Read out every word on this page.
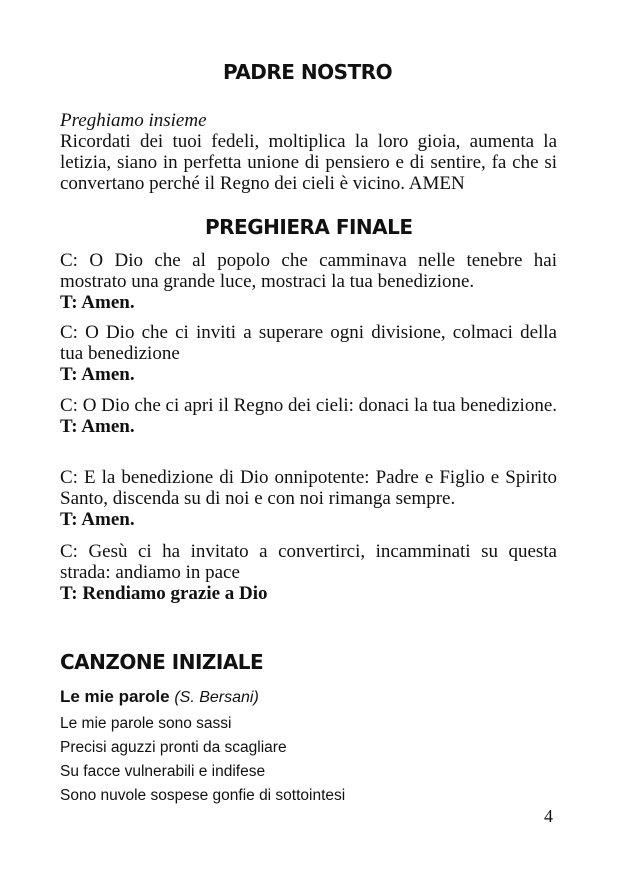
PADRE NOSTRO
Preghiamo insieme
Ricordati dei tuoi fedeli, moltiplica la loro gioia, aumenta la letizia, siano in perfetta unione di pensiero e di sentire, fa che si convertano perché il Regno dei cieli è vicino. AMEN
PREGHIERA FINALE
C: O Dio che al popolo che camminava nelle tenebre hai mostrato una grande luce, mostraci la tua benedizione.
T: Amen.
C: O Dio che ci inviti a superare ogni divisione, colmaci della tua benedizione
T: Amen.
C: O Dio che ci apri il Regno dei cieli: donaci la tua benedizione.
T: Amen.
C: E la benedizione di Dio onnipotente: Padre e Figlio e Spirito Santo, discenda su di noi e con noi rimanga sempre.
T: Amen.
C: Gesù ci ha invitato a convertirci, incamminati su questa strada: andiamo in pace
T: Rendiamo grazie a Dio
CANZONE INIZIALE
Le mie parole (S. Bersani)
Le mie parole sono sassi
Precisi aguzzi pronti da scagliare
Su facce vulnerabili e indifese
Sono nuvole sospese gonfie di sottointesi
4
